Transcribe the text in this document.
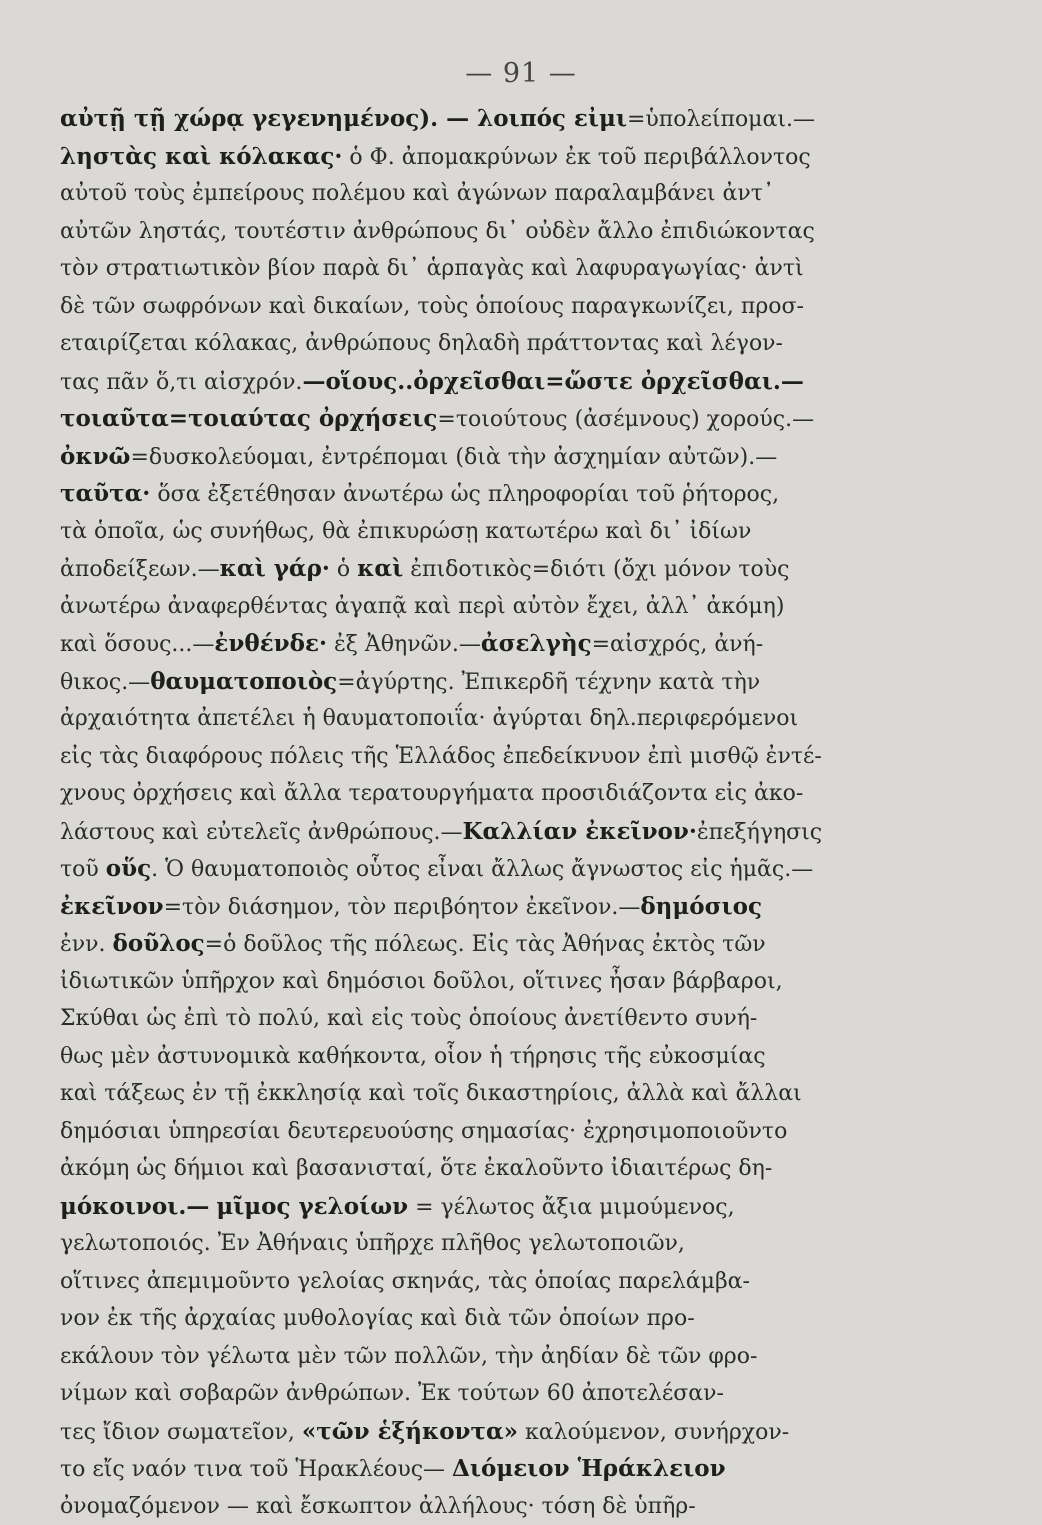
— 91 —
αὐτῇ τῇ χώρᾳ γεγενημένος). — λοιπός εἰμι=ὑπολείπομαι.—
ληστὰς καὶ κόλακας· ὁ Φ. ἀπομακρύνων ἐκ τοῦ περιβάλλοντος
αὐτοῦ τοὺς ἐμπείρους πολέμου καὶ ἀγώνων παραλαμβάνει ἀντ᾽
αὐτῶν ληστάς, τουτέστιν ἀνθρώπους δι᾽ οὐδὲν ἄλλο ἐπιδιώκοντας
τὸν στρατιωτικὸν βίον παρὰ δι᾽ ἁρπαγὰς καὶ λαφυραγωγίας· ἀντὶ
δὲ τῶν σωφρόνων καὶ δικαίων, τοὺς ὁποίους παραγκωνίζει, προσ-
εταιρίζεται κόλακας, ἀνθρώπους δηλαδὴ πράττοντας καὶ λέγον-
τας πᾶν ὅ,τι αἰσχρόν.—οἵους..ὀρχεῖσθαι=ὥστε ὀρχεῖσθαι.—
τοιαῦτα=τοιαύτας ὀρχήσεις=τοιούτους (ἀσέμνους) χορούς.—
ὀκνῶ=δυσκολεύομαι, ἐντρέπομαι (διὰ τὴν ἀσχημίαν αὐτῶν).—
ταῦτα· ὅσα ἐξετέθησαν ἀνωτέρω ὡς πληροφορίαι τοῦ ῥήτορος,
τὰ ὁποῖα, ὡς συνήθως, θὰ ἐπικυρώσῃ κατωτέρω καὶ δι᾽ ἰδίων
ἀποδείξεων.—καὶ γάρ· ὁ καὶ ἐπιδοτικὸς=διότι (ὄχι μόνον τοὺς
ἀνωτέρω ἀναφερθέντας ἀγαπᾷ καὶ περὶ αὐτὸν ἔχει, ἀλλ᾽ ἀκόμη)
καὶ ὅσους...—ἐνθένδε· ἐξ Ἀθηνῶν.—ἀσελγὴς=αἰσχρός, ἀνή-
θικος.—θαυματοποιὸς=ἀγύρτης. Ἐπικερδῆ τέχνην κατὰ τὴν
ἀρχαιότητα ἀπετέλει ἡ θαυματοποιΐα· ἀγύρται δηλ.περιφερόμενοι
εἰς τὰς διαφόρους πόλεις τῆς Ἑλλάδος ἐπεδείκνυον ἐπὶ μισθῷ ἐντέ-
χνους ὀρχήσεις καὶ ἄλλα τερατουργήματα προσιδιάζοντα εἰς ἀκο-
λάστους καὶ εὐτελεῖς ἀνθρώπους.—Καλλίαν ἐκεῖνον·ἐπεξήγησις
τοῦ οὕς. Ὁ θαυματοποιὸς οὗτος εἶναι ἄλλως ἄγνωστος εἰς ἡμᾶς.—
ἐκεῖνον=τὸν διάσημον, τὸν περιβόητον ἐκεῖνον.—δημόσιος
ἐνν. δοῦλος=ὁ δοῦλος τῆς πόλεως. Εἰς τὰς Ἀθήνας ἐκτὸς τῶν
ἰδιωτικῶν ὑπῆρχον καὶ δημόσιοι δοῦλοι, οἵτινες ἦσαν βάρβαροι,
Σκύθαι ὡς ἐπὶ τὸ πολύ, καὶ εἰς τοὺς ὁποίους ἀνετίθεντο συνή-
θως μὲν ἀστυνομικὰ καθήκοντα, οἷον ἡ τήρησις τῆς εὐκοσμίας
καὶ τάξεως ἐν τῇ ἐκκλησίᾳ καὶ τοῖς δικαστηρίοις, ἀλλὰ καὶ ἄλλαι
δημόσιαι ὑπηρεσίαι δευτερευούσης σημασίας· ἐχρησιμοποιοῦντο
ἀκόμη ὡς δήμιοι καὶ βασανισταί, ὅτε ἐκαλοῦντο ἰδιαιτέρως δη-
μόκοινοι.— μῖμος γελοίων = γέλωτος ἄξια μιμούμενος,
γελωτοποιός. Ἐν Ἀθήναις ὑπῆρχε πλῆθος γελωτοποιῶν,
οἵτινες ἀπεμιμοῦντο γελοίας σκηνάς, τὰς ὁποίας παρελάμβα-
νον ἐκ τῆς ἀρχαίας μυθολογίας καὶ διὰ τῶν ὁποίων προ-
εκάλουν τὸν γέλωτα μὲν τῶν πολλῶν, τὴν ἀηδίαν δὲ τῶν φρο-
νίμων καὶ σοβαρῶν ἀνθρώπων. Ἐκ τούτων 60 ἀποτελέσαν-
τες ἴδιον σωματεῖον, «τῶν ἑξήκοντα» καλούμενον, συνήρχον-
το εἴς ναόν τινα τοῦ Ἡρακλέους— Διόμειον Ἡράκλειον
ὀνομαζόμενον — καὶ ἔσκωπτον ἀλλήλους· τόση δὲ ὑπῆρ-
